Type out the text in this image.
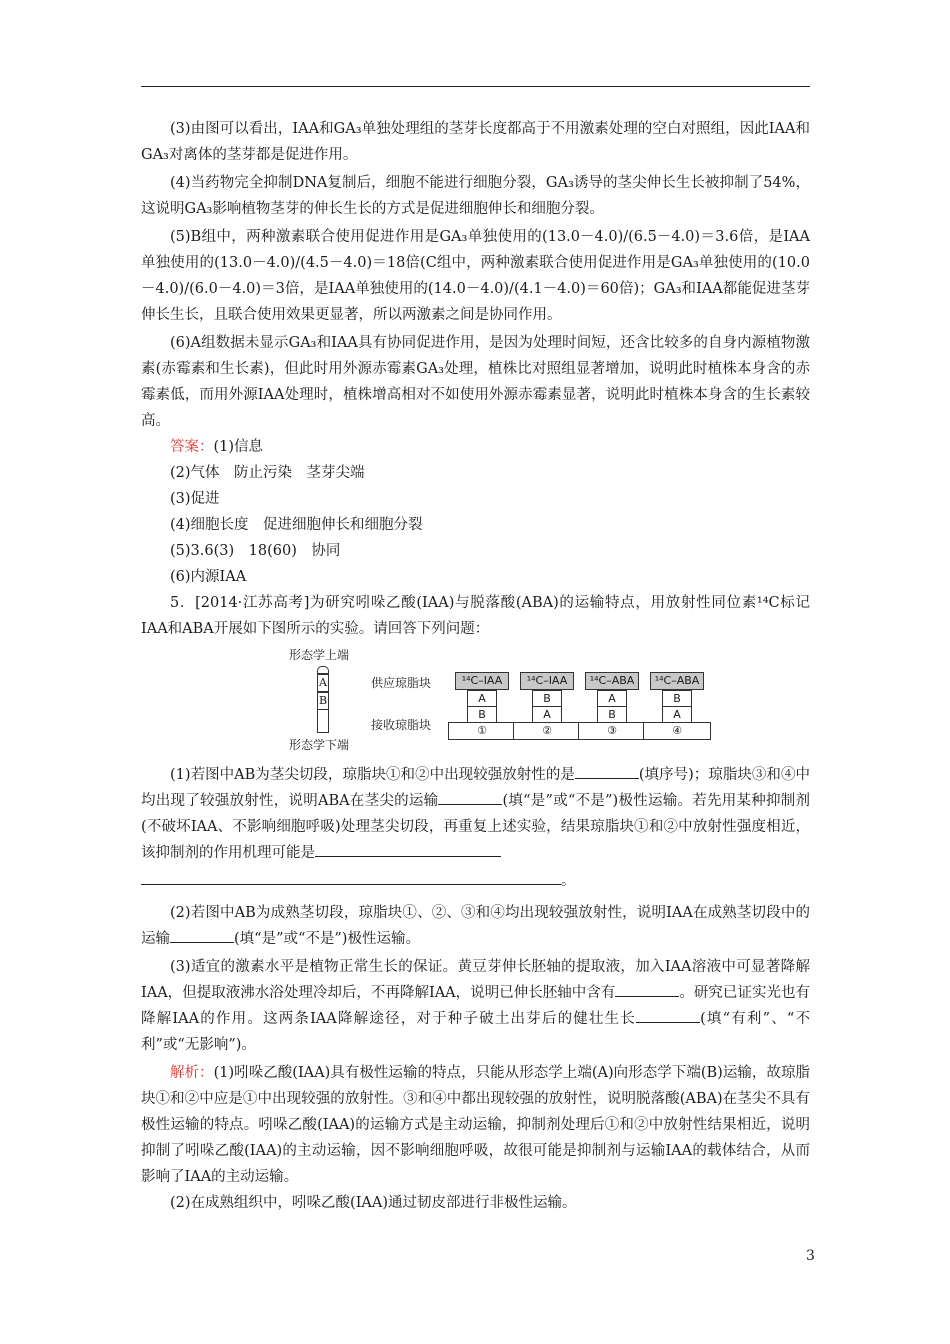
(3)由图可以看出，IAA和GA₃单独处理组的茎芽长度都高于不用激素处理的空白对照组，因此IAA和GA₃对离体的茎芽都是促进作用。

(4)当药物完全抑制DNA复制后，细胞不能进行细胞分裂，GA₃诱导的茎尖伸长生长被抑制了54%，这说明GA₃影响植物茎芽的伸长生长的方式是促进细胞伸长和细胞分裂。

(5)B组中，两种激素联合使用促进作用是GA₃单独使用的(13.0－4.0)/(6.5－4.0)＝3.6倍，是IAA单独使用的(13.0－4.0)/(4.5－4.0)＝18倍(C组中，两种激素联合使用促进作用是GA₃单独使用的(10.0－4.0)/(6.0－4.0)＝3倍，是IAA单独使用的(14.0－4.0)/(4.1－4.0)＝60倍)；GA₃和IAA都能促进茎芽伸长生长，且联合使用效果更显著，所以两激素之间是协同作用。

(6)A组数据未显示GA₃和IAA具有协同促进作用，是因为处理时间短，还含比较多的自身内源植物激素(赤霉素和生长素)，但此时用外源赤霉素GA₃处理，植株比对照组显著增加，说明此时植株本身含的赤霉素低，而用外源IAA处理时，植株增高相对不如使用外源赤霉素显著，说明此时植株本身含的生长素较高。

答案：(1)信息

(2)气体　防止污染　茎芽尖端

(3)促进

(4)细胞长度　促进细胞伸长和细胞分裂

(5)3.6(3)　18(60)　协同

(6)内源IAA

5．[2014·江苏高考]为研究吲哚乙酸(IAA)与脱落酸(ABA)的运输特点，用放射性同位素¹⁴C标记IAA和ABA开展如下图所示的实验。请回答下列问题：

形态学上端
A
B
形态学下端
供应琼脂块
接收琼脂块
¹⁴C–IAA
A
B
①
¹⁴C–IAA
B
A
②
¹⁴C–ABA
A
B
③
¹⁴C–ABA
B
A
④

(1)若图中AB为茎尖切段，琼脂块①和②中出现较强放射性的是	(填序号)；琼脂块③和④中均出现了较强放射性，说明ABA在茎尖的运输	(填“是”或“不是”)极性运输。若先用某种抑制剂(不破坏IAA、不影响细胞呼吸)处理茎尖切段，再重复上述实验，结果琼脂块①和②中放射性强度相近，该抑制剂的作用机理可能是

。

(2)若图中AB为成熟茎切段，琼脂块①、②、③和④均出现较强放射性，说明IAA在成熟茎切段中的运输	(填“是”或“不是”)极性运输。

(3)适宜的激素水平是植物正常生长的保证。黄豆芽伸长胚轴的提取液，加入IAA溶液中可显著降解IAA，但提取液沸水浴处理冷却后，不再降解IAA，说明已伸长胚轴中含有	。研究已证实光也有降解IAA的作用。这两条IAA降解途径，对于种子破土出芽后的健壮生长	(填“有利”、“不利”或“无影响”)。

解析：(1)吲哚乙酸(IAA)具有极性运输的特点，只能从形态学上端(A)向形态学下端(B)运输，故琼脂块①和②中应是①中出现较强的放射性。③和④中都出现较强的放射性，说明脱落酸(ABA)在茎尖不具有极性运输的特点。吲哚乙酸(IAA)的运输方式是主动运输，抑制剂处理后①和②中放射性结果相近，说明抑制了吲哚乙酸(IAA)的主动运输，因不影响细胞呼吸，故很可能是抑制剂与运输IAA的载体结合，从而影响了IAA的主动运输。

(2)在成熟组织中，吲哚乙酸(IAA)通过韧皮部进行非极性运输。

3
